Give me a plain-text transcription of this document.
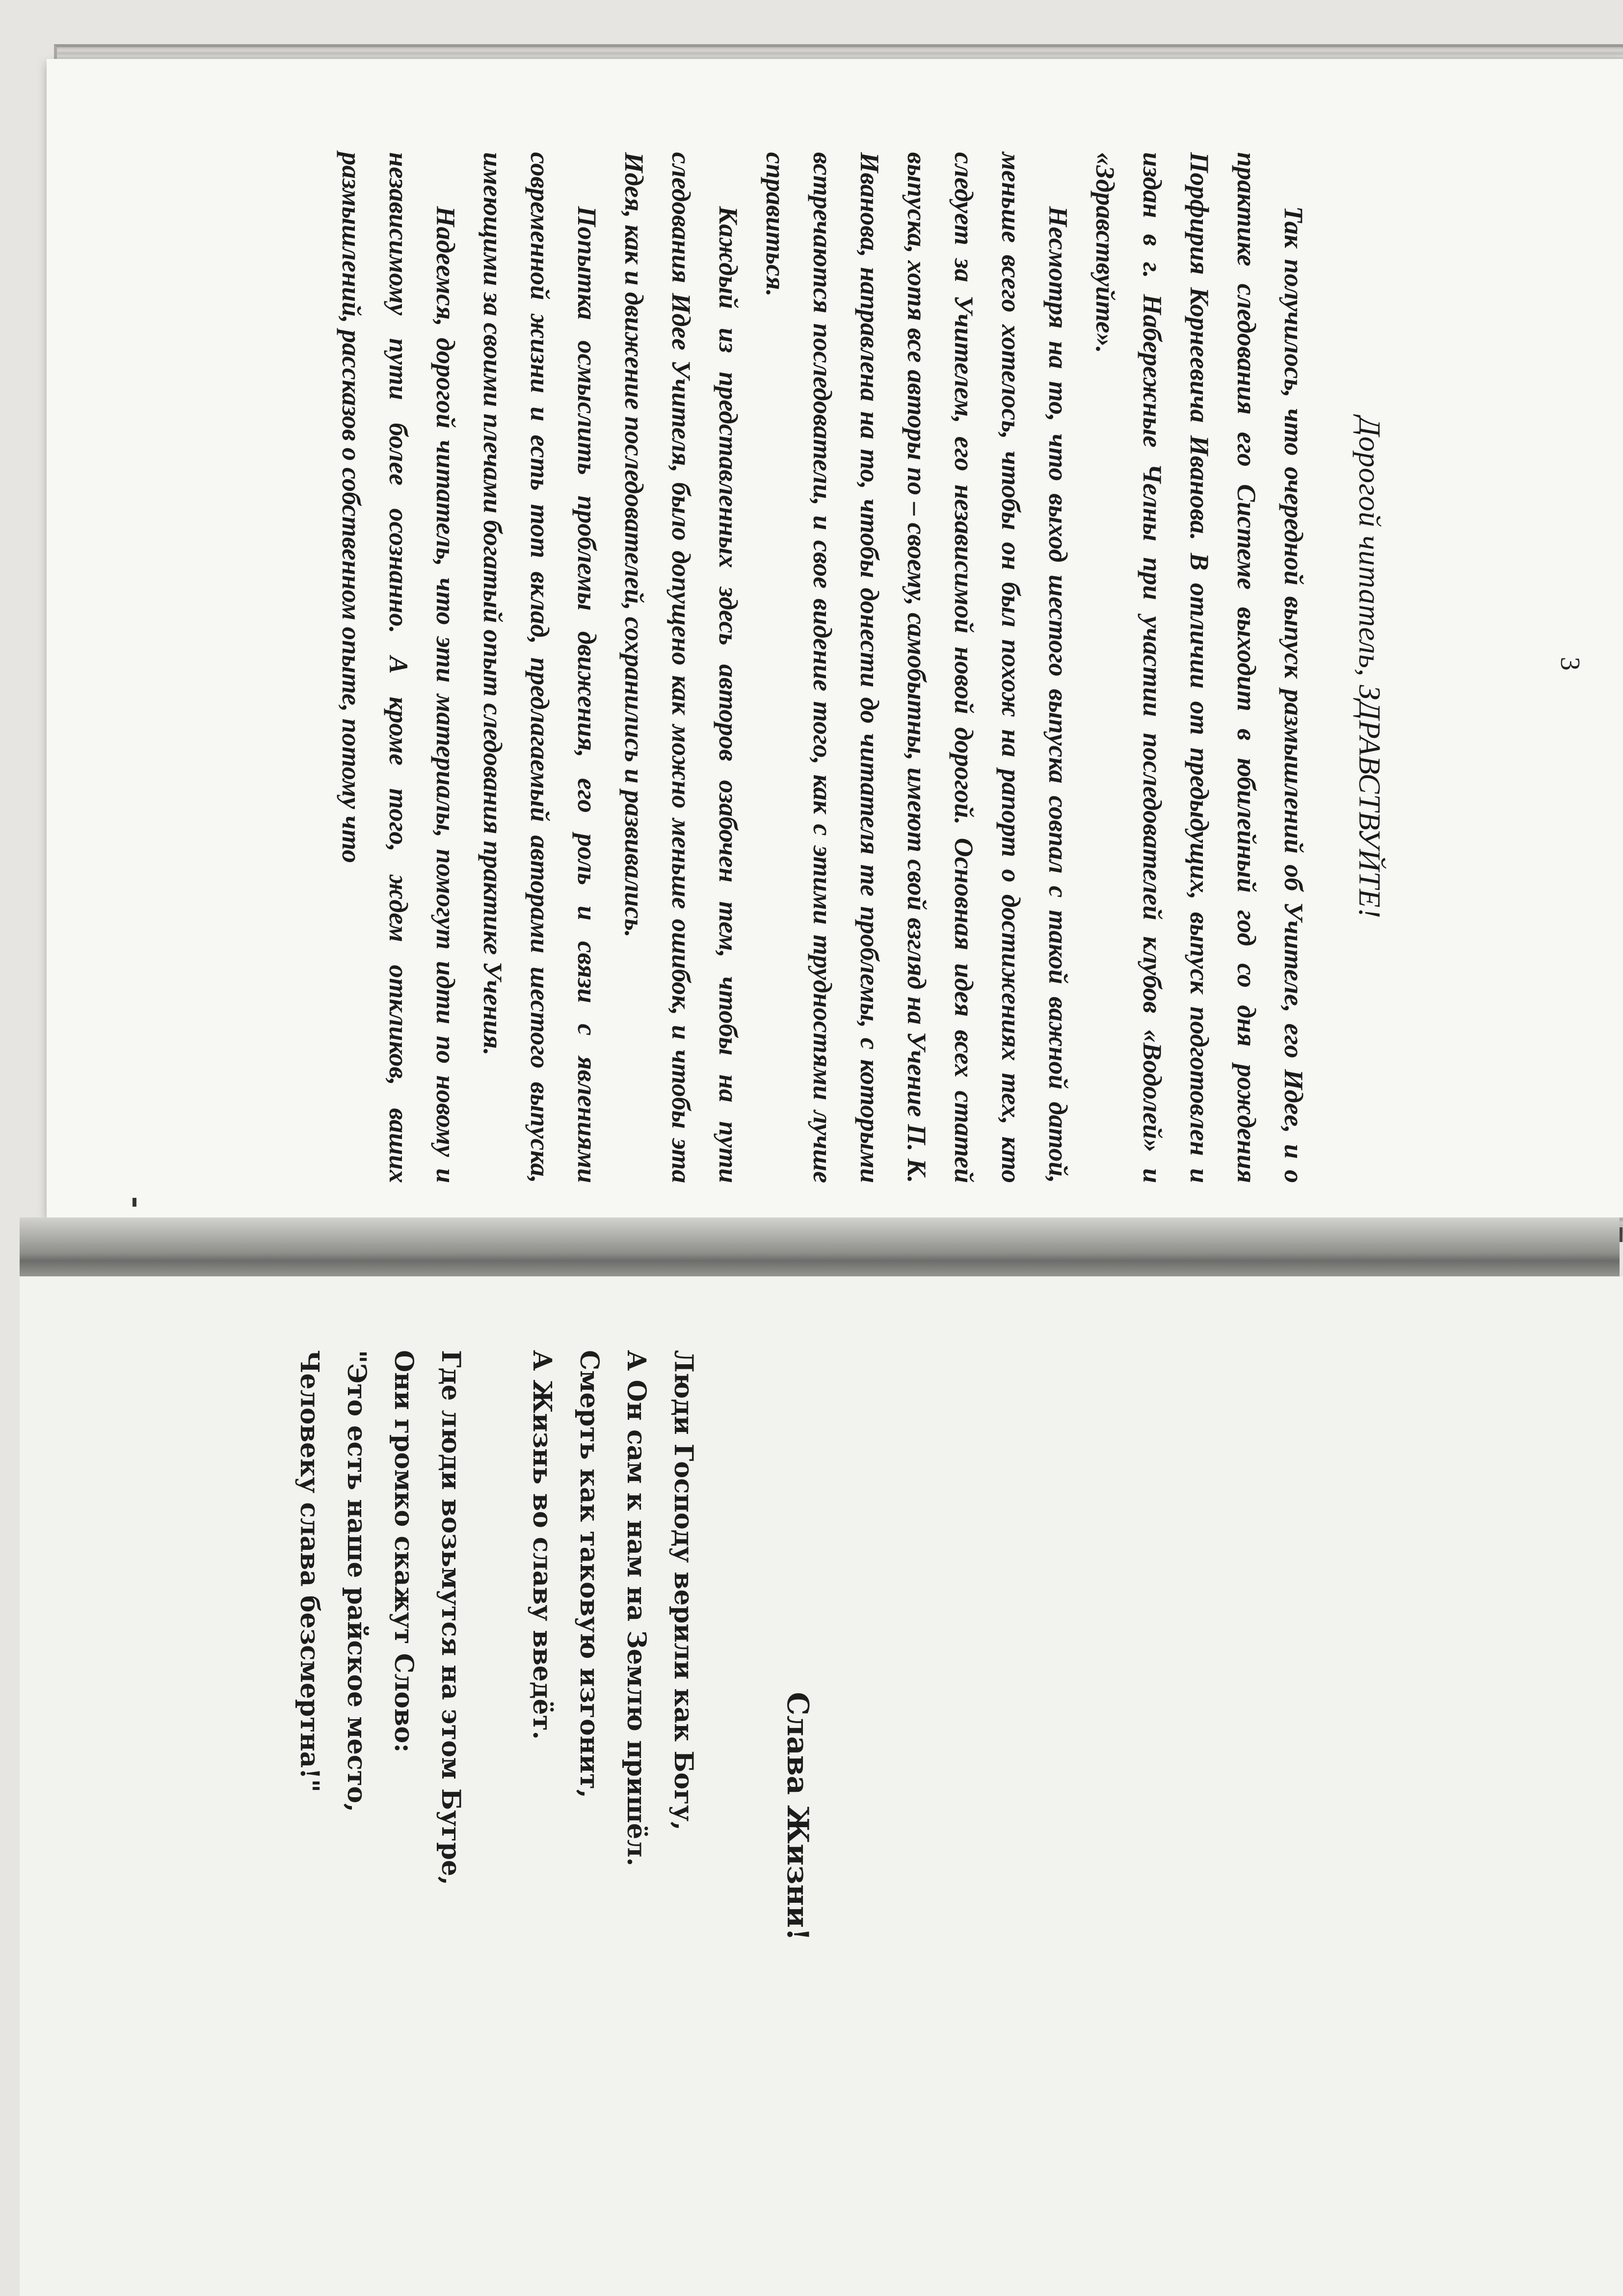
Дорогой читатель, ЗДРАВСТВУЙТЕ!

Так получилось, что очередной выпуск размышлений об Учителе, его Идее, и о практике следования его Системе выходит в юбилейный год со дня рождения Порфирия Корнеевича Иванова. В отличии от предыдущих, выпуск подготовлен и издан в г. Набережные Челны при участии последователей клубов «Водолей» и «Здравствуйте».

Несмотря на то, что выход шестого выпуска совпал с такой важной датой, меньше всего хотелось, чтобы он был похож на рапорт о достижениях тех, кто следует за Учителем, его независимой новой дорогой. Основная идея всех статей выпуска, хотя все авторы по – своему, самобытны, имеют свой взгляд на Учение П. К. Иванова, направлена на то, чтобы донести до читателя те проблемы, с которыми встречаются последователи, и свое видение того, как с этими трудностями лучше справиться.

Каждый из представленных здесь авторов озабочен тем, чтобы на пути следования Идее Учителя, было допущено как можно меньше ошибок, и чтобы эта Идея, как и движение последователей, сохранились и развивались.

Попытка осмыслить проблемы движения, его роль и связи с явлениями современной жизни и есть тот вклад, предлагаемый авторами шестого выпуска, имеющими за своими плечами богатый опыт следования практике Учения.

Надеемся, дорогой читатель, что эти материалы, помогут идти по новому и независимому пути более осознанно. А кроме того, ждем откликов, ваших размышлений, рассказов о собственном опыте, потому что	3
Слава Жизни!
Люди Господу верили как Богу,
А Он сам к нам на Землю пришёл.
Смерть как таковую изгонит,
А Жизнь во славу введёт.
Где люди возьмутся на этом Бугре,
Они громко скажут Слово:
"Это есть наше райское место,
Человеку слава безсмертна!"
